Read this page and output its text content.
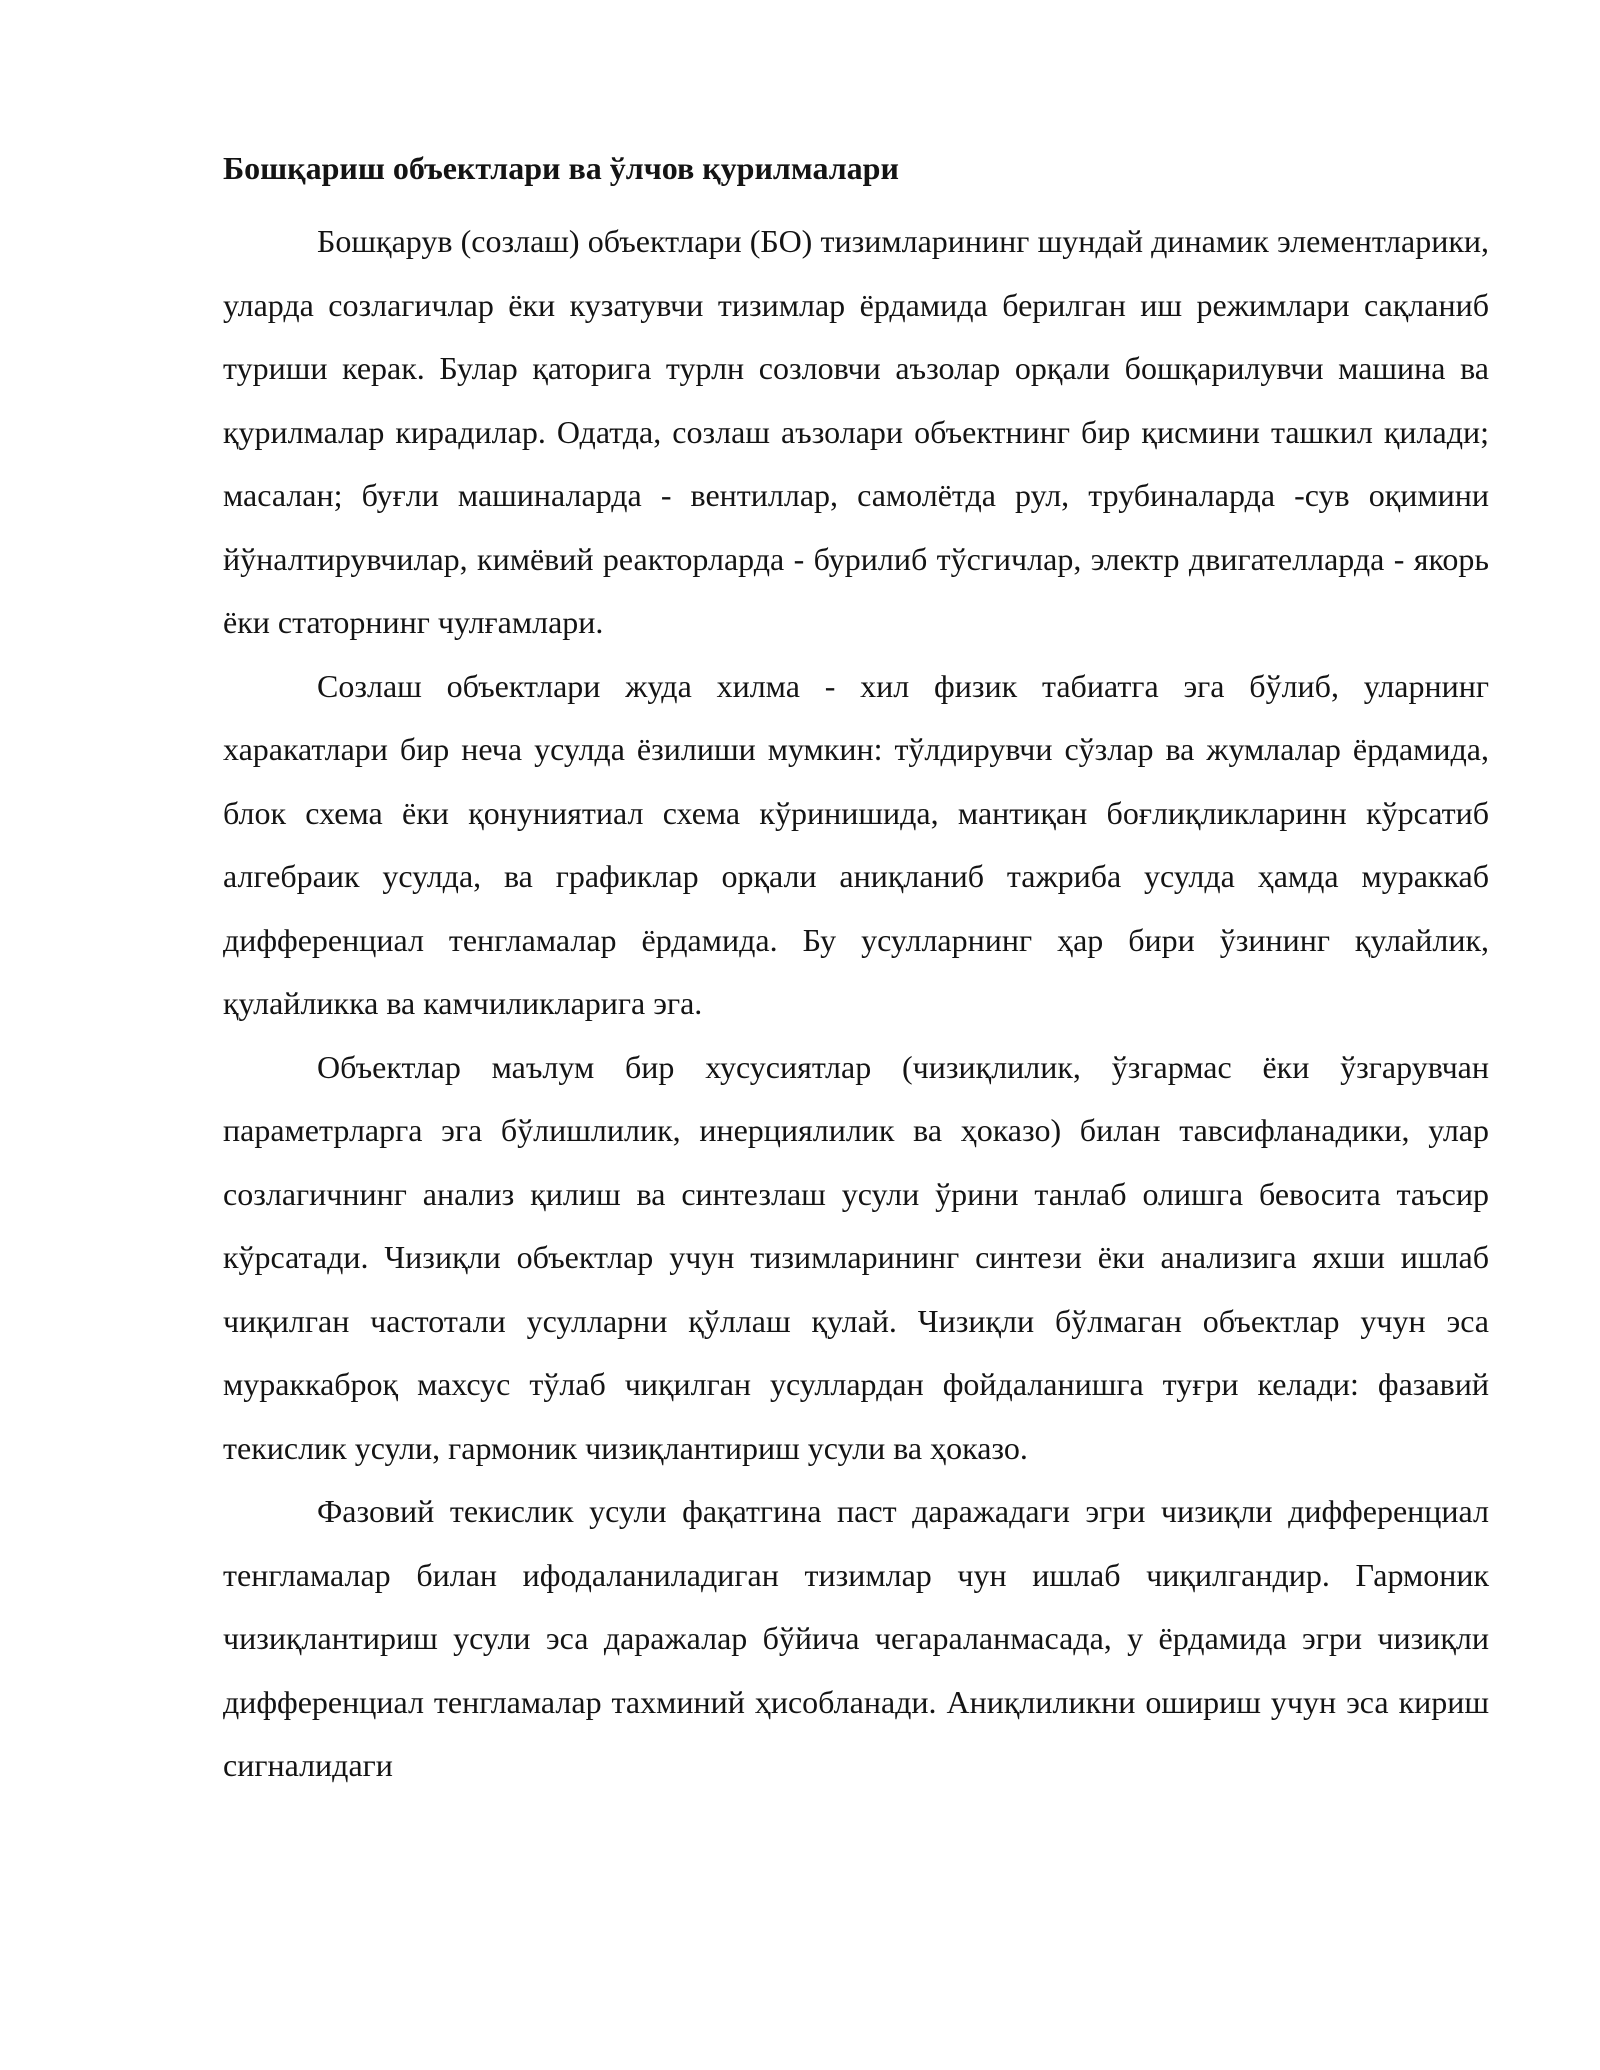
Бошқариш объектлари ва ўлчов қурилмалари

Бошқарув (созлаш) объектлари (БО) тизимларининг шундай динамик элементларики, уларда созлагичлар ёки кузатувчи тизимлар ёрдамида берилган иш режимлари сақланиб туриши керак. Булар қаторига турлн созловчи аъзолар орқали бошқарилувчи машина ва қурилмалар кирадилар. Одатда, созлаш аъзолари объектнинг бир қисмини ташкил қилади; масалан; буғли машиналарда - вентиллар, самолётда рул, трубиналарда -сув оқимини йўналтирувчилар, кимёвий реакторларда - бурилиб тўсгичлар, электр двигателларда - якорь ёки статорнинг чулғамлари.

Созлаш объектлари жуда хилма - хил физик табиатга эга бўлиб, уларнинг харакатлари бир неча усулда ёзилиши мумкин: тўлдирувчи сўзлар ва жумлалар ёрдамида, блок схема ёки қонуниятиал схема кўринишида, мантиқан боғлиқликларинн кўрсатиб алгебраик усулда, ва графиклар орқали аниқланиб тажриба усулда ҳамда мураккаб дифференциал тенгламалар ёрдамида. Бу усулларнинг ҳар бири ўзининг қулайлик, қулайликка ва камчиликларига эга.

Объектлар маълум бир хусусиятлар (чизиқлилик, ўзгармас ёки ўзгарувчан параметрларга эга бўлишлилик, инерциялилик ва ҳоказо) билан тавсифланадики, улар созлагичнинг анализ қилиш ва синтезлаш усули ўрини танлаб олишга бевосита таъсир кўрсатади. Чизиқли объектлар учун тизимларининг синтези ёки анализига яхши ишлаб чиқилган частотали усулларни қўллаш қулай. Чизиқли бўлмаган объектлар учун эса мураккаброқ махсус тўлаб чиқилган усуллардан фойдаланишга туғри келади: фазавий текислик усули, гармоник чизиқлантириш усули ва ҳоказо.

Фазовий текислик усули фақатгина паст даражадаги эгри чизиқли дифференциал тенгламалар билан ифодаланиладиган тизимлар чун ишлаб чиқилгандир. Гармоник чизиқлантириш усули эса даражалар бўйича чегараланмасада, у ёрдамида эгри чизиқли дифференциал тенгламалар тахминий ҳисобланади. Аниқлиликни ошириш учун эса кириш сигналидаги
